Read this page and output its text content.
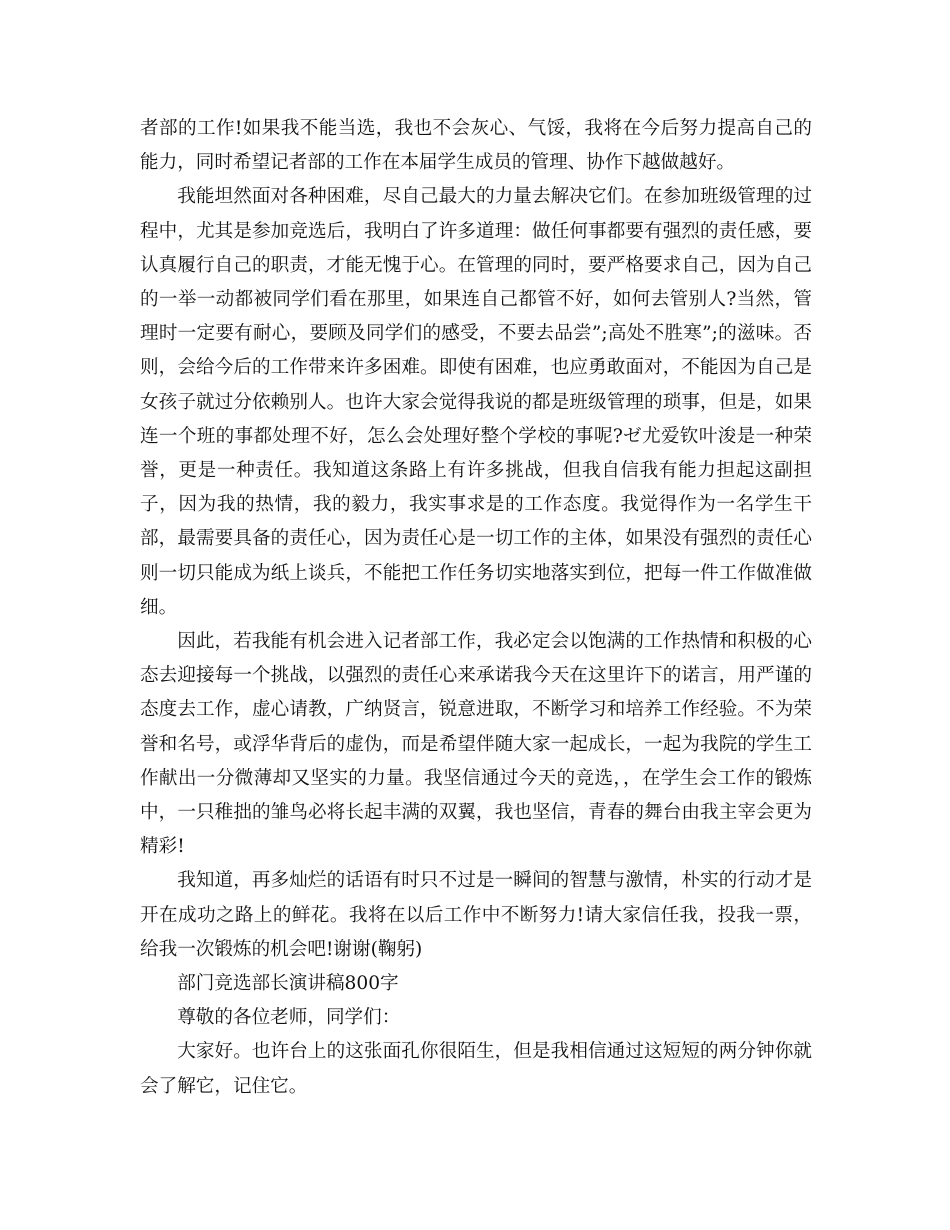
者部的工作!如果我不能当选，我也不会灰心、气馁，我将在今后努力提高自己的能力，同时希望记者部的工作在本届学生成员的管理、协作下越做越好。

我能坦然面对各种困难，尽自己最大的力量去解决它们。在参加班级管理的过程中，尤其是参加竞选后，我明白了许多道理：做任何事都要有强烈的责任感，要认真履行自己的职责，才能无愧于心。在管理的同时，要严格要求自己，因为自己的一举一动都被同学们看在那里，如果连自己都管不好，如何去管别人?当然，管理时一定要有耐心，要顾及同学们的感受，不要去品尝”;高处不胜寒”;的滋味。否则，会给今后的工作带来许多困难。即使有困难，也应勇敢面对，不能因为自己是女孩子就过分依赖别人。也许大家会觉得我说的都是班级管理的琐事，但是，如果连一个班的事都处理不好，怎么会处理好整个学校的事呢?ゼ尤爱钦叶浚是一种荣誉，更是一种责任。我知道这条路上有许多挑战，但我自信我有能力担起这副担子，因为我的热情，我的毅力，我实事求是的工作态度。我觉得作为一名学生干部，最需要具备的责任心，因为责任心是一切工作的主体，如果没有强烈的责任心则一切只能成为纸上谈兵，不能把工作任务切实地落实到位，把每一件工作做准做细。

因此，若我能有机会进入记者部工作，我必定会以饱满的工作热情和积极的心态去迎接每一个挑战，以强烈的责任心来承诺我今天在这里许下的诺言，用严谨的态度去工作，虚心请教，广纳贤言，锐意进取，不断学习和培养工作经验。不为荣誉和名号，或浮华背后的虚伪，而是希望伴随大家一起成长，一起为我院的学生工作献出一分微薄却又坚实的力量。我坚信通过今天的竞选，，在学生会工作的锻炼中，一只稚拙的雏鸟必将长起丰满的双翼，我也坚信，青春的舞台由我主宰会更为精彩!

我知道，再多灿烂的话语有时只不过是一瞬间的智慧与激情，朴实的行动才是开在成功之路上的鲜花。我将在以后工作中不断努力!请大家信任我，投我一票，给我一次锻炼的机会吧!谢谢(鞠躬)

部门竞选部长演讲稿800字

尊敬的各位老师，同学们：

大家好。也许台上的这张面孔你很陌生，但是我相信通过这短短的两分钟你就会了解它，记住它。
